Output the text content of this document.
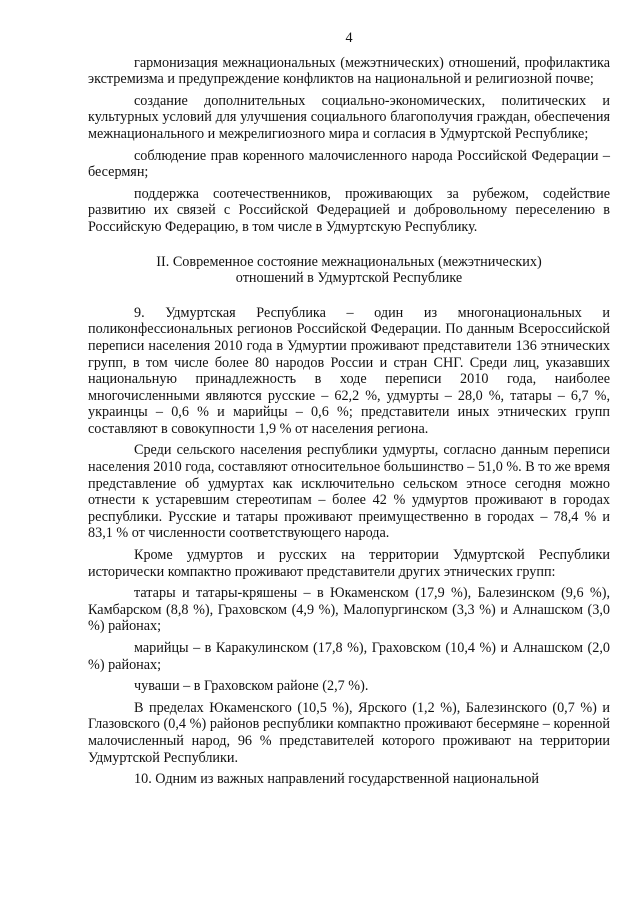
4

гармонизация межнациональных (межэтнических) отношений, профилактика экстремизма и предупреждение конфликтов на национальной и религиозной почве;

создание дополнительных социально-экономических, политических и культурных условий для улучшения социального благополучия граждан, обеспечения межнационального и межрелигиозного мира и согласия в Удмуртской Республике;

соблюдение прав коренного малочисленного народа Российской Федерации – бесермян;

поддержка соотечественников, проживающих за рубежом, содействие развитию их связей с Российской Федерацией и добровольному переселению в Российскую Федерацию, в том числе в Удмуртскую Республику.

II. Современное состояние межнациональных (межэтнических)
отношений в Удмуртской Республике

9. Удмуртская Республика – один из многонациональных и поликонфессиональных регионов Российской Федерации. По данным Всероссийской переписи населения 2010 года в Удмуртии проживают представители 136 этнических групп, в том числе более 80 народов России и стран СНГ. Среди лиц, указавших национальную принадлежность в ходе переписи 2010 года, наиболее многочисленными являются русские – 62,2 %, удмурты – 28,0 %, татары – 6,7 %, украинцы – 0,6 % и марийцы – 0,6 %; представители иных этнических групп составляют в совокупности 1,9 % от населения региона.

Среди сельского населения республики удмурты, согласно данным переписи населения 2010 года, составляют относительное большинство – 51,0 %. В то же время представление об удмуртах как исключительно сельском этносе сегодня можно отнести к устаревшим стереотипам – более 42 % удмуртов проживают в городах республики. Русские и татары проживают преимущественно в городах – 78,4 % и 83,1 % от численности соответствующего народа.

Кроме удмуртов и русских на территории Удмуртской Республики исторически компактно проживают представители других этнических групп:

татары и татары-кряшены – в Юкаменском (17,9 %), Балезинском (9,6 %), Камбарском (8,8 %), Граховском (4,9 %), Малопургинском (3,3 %) и Алнашском (3,0 %) районах;

марийцы – в Каракулинском (17,8 %), Граховском (10,4 %) и Алнашском (2,0 %) районах;

чуваши – в Граховском районе (2,7 %).

В пределах Юкаменского (10,5 %), Ярского (1,2 %), Балезинского (0,7 %) и Глазовского (0,4 %) районов республики компактно проживают бесермяне – коренной малочисленный народ, 96 % представителей которого проживают на территории Удмуртской Республики.

10. Одним из важных направлений государственной национальной
